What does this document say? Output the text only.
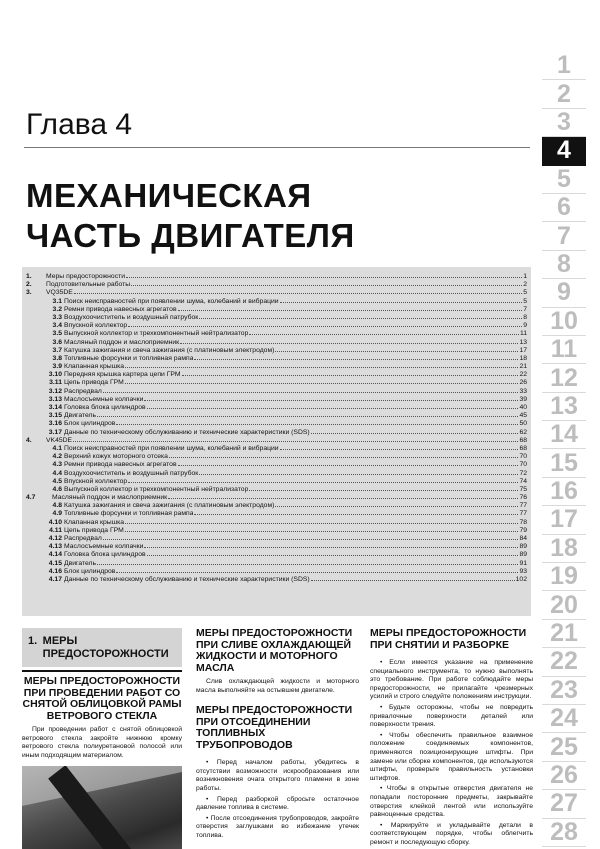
1
2
3
4
5
6
7
8
9
10
11
12
13
14
15
16
17
18
19
20
21
22
23
24
25
26
27
28
Глава 4
МЕХАНИЧЕСКАЯ
ЧАСТЬ ДВИГАТЕЛЯ
1.	Меры предосторожности	1
2.	Подготовительные работы	2
3.	VQ35DE	5
3.1 Поиск неисправностей при появлении шума, колебаний и вибрации	5
3.2 Ремни привода навесных агрегатов	7
3.3 Воздухоочиститель и воздушный патрубок	8
3.4 Впускной коллектор	9
3.5 Выпускной коллектор и трехкомпонентный нейтрализатор	11
3.6 Масляный поддон и маслоприемник	13
3.7 Катушка зажигания и свеча зажигания (с платиновым электродом)	17
3.8 Топливные форсунки и топливная рампа	18
3.9 Клапанная крышка	21
3.10 Передняя крышка картера цепи ГРМ	22
3.11 Цепь привода ГРМ	26
3.12 Распредвал	33
3.13 Маслосъемные колпачки	39
3.14 Головка блока цилиндров	40
3.15 Двигатель	45
3.16 Блок цилиндров	50
3.17 Данные по техническому обслуживанию и технические характеристики (SDS)	62
4.	VK45DE	68
4.1 Поиск неисправностей при появлении шума, колебаний и вибрации	68
4.2 Верхний кожух моторного отсека	70
4.3 Ремни привода навесных агрегатов	70
4.4 Воздухоочиститель и воздушный патрубок	72
4.5 Впускной коллектор	74
4.6 Выпускной коллектор и трехкомпонентный нейтрализатор	75
4.7	Масляный поддон и маслоприемник	76
4.8 Катушка зажигания и свеча зажигания (с платиновым электродом)	77
4.9 Топливные форсунки и топливная рампа	77
4.10 Клапанная крышка	78
4.11 Цепь привода ГРМ	79
4.12 Распредвал	84
4.13 Маслосъемные колпачки	89
4.14 Головка блока цилиндров	89
4.15 Двигатель	91
4.16 Блок цилиндров	93
4.17 Данные по техническому обслуживанию и технические характеристики (SDS)	102
1. МЕРЫ ПРЕДОСТОРОЖНОСТИ
МЕРЫ ПРЕДОСТОРОЖНОСТИ ПРИ ПРОВЕДЕНИИ РАБОТ СО СНЯТОЙ ОБЛИЦОВКОЙ РАМЫ ВЕТРОВОГО СТЕКЛА
При проведении работ с снятой облицовкой ветрового стекла закройте нижнюю кромку ветрового стекла полиуретановой полосой или иным подходящим материалом.
МЕРЫ ПРЕДОСТОРОЖНОСТИ ПРИ СЛИВЕ ОХЛАЖДАЮЩЕЙ ЖИДКОСТИ И МОТОРНОГО МАСЛА
Слив охлаждающей жидкости и моторного масла выполняйте на остывшем двигателе.
МЕРЫ ПРЕДОСТОРОЖНОСТИ ПРИ ОТСОЕДИНЕНИИ ТОПЛИВНЫХ ТРУБОПРОВОДОВ
• Перед началом работы, убедитесь в отсутствии возможности искрообразования или возникновения очага открытого пламени в зоне работы.
• Перед разборкой сбросьте остаточное давление топлива в системе.
• После отсоединения трубопроводов, закройте отверстия заглушками во избежание утечек топлива.
МЕРЫ ПРЕДОСТОРОЖНОСТИ ПРИ СНЯТИИ И РАЗБОРКЕ
• Если имеется указание на применение специального инструмента, то нужно выполнять это требование. При работе соблюдайте меры предосторожности, не прилагайте чрезмерных усилий и строго следуйте положениям инструкции.
• Будьте осторожны, чтобы не повредить привалочные поверхности деталей или поверхности трения.
• Чтобы обеспечить правильное взаимное положение соединяемых компонентов, применяются позиционирующие штифты. При замене или сборке компонентов, где используются штифты, проверьте правильность установки штифтов.
• Чтобы в открытые отверстия двигателя не попадали посторонние предметы, закрывайте отверстия клейкой лентой или используйте равноценные средства.
• Маркируйте и укладывайте детали в соответствующем порядке, чтобы облегчить ремонт и последующую сборку.
